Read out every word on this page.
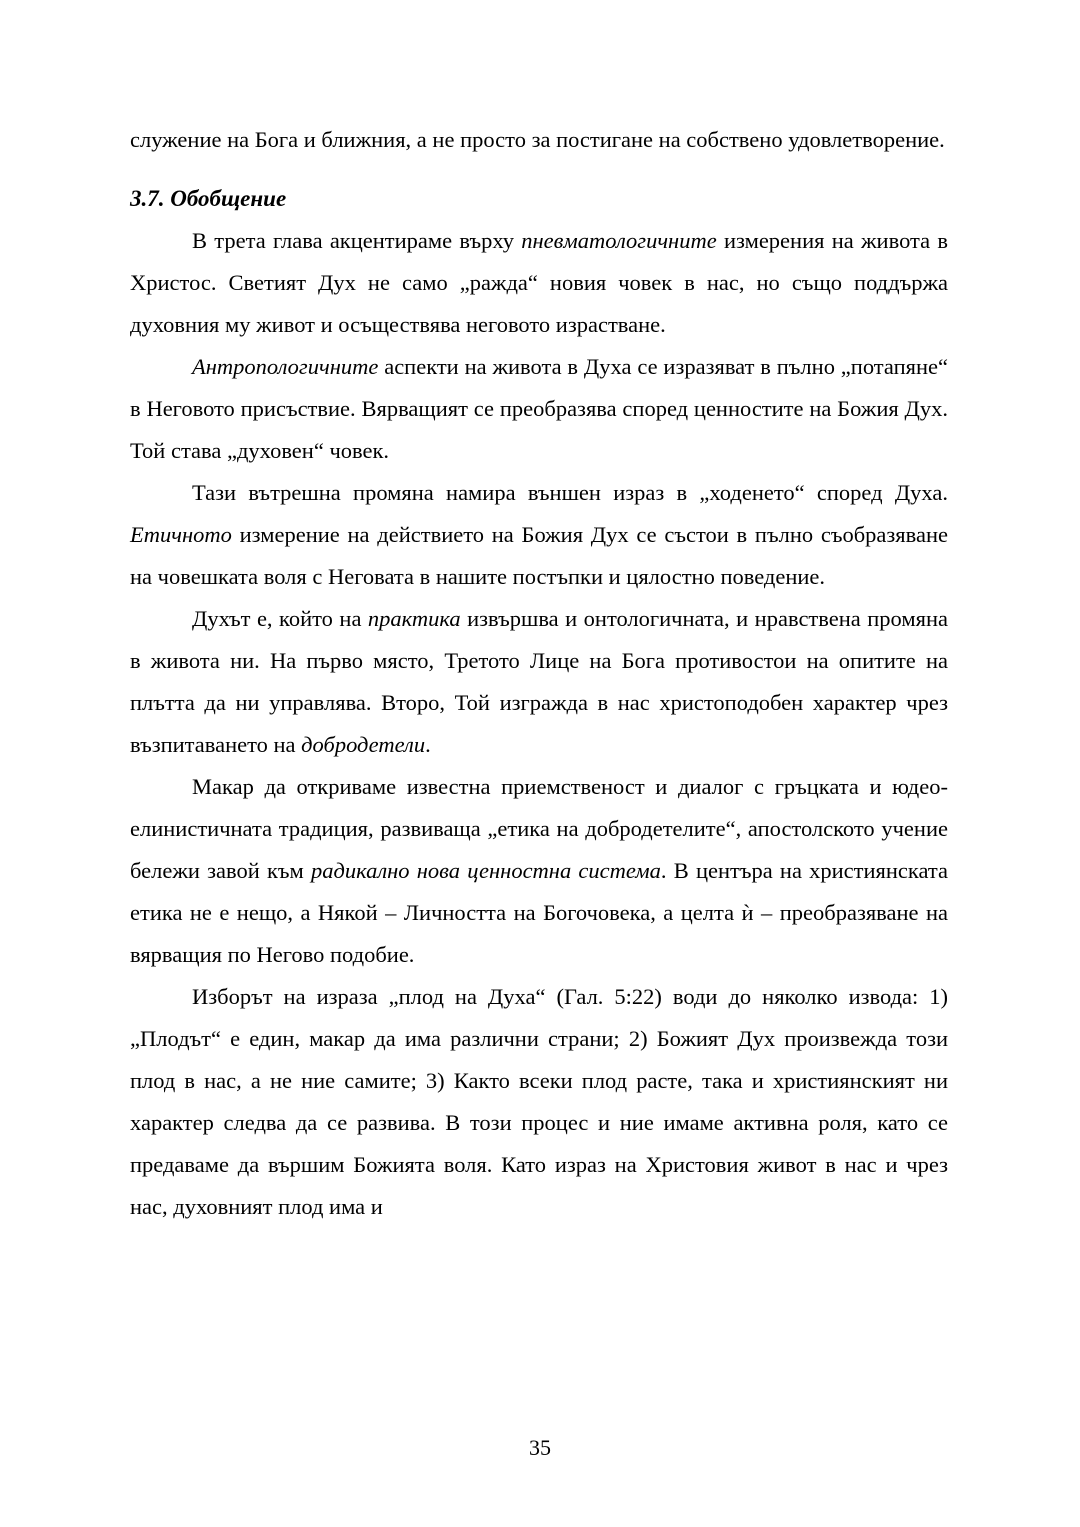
служение на Бога и ближния, а не просто за постигане на собствено удовлетворение.

3.7. Обобщение

В трета глава акцентираме върху пневматологичните измерения на живота в Христос. Светият Дух не само „ражда“ новия човек в нас, но също поддържа духовния му живот и осъществява неговото израстване.

Антропологичните аспекти на живота в Духа се изразяват в пълно „потапяне“ в Неговото присъствие. Вярващият се преобразява според ценностите на Божия Дух. Той става „духовен“ човек.

Тази вътрешна промяна намира външен израз в „ходенето“ според Духа. Етичното измерение на действието на Божия Дух се състои в пълно съобразяване на човешката воля с Неговата в нашите постъпки и цялостно поведение.

Духът е, който на практика извършва и онтологичната, и нравствена промяна в живота ни. На първо място, Третото Лице на Бога противостои на опитите на плътта да ни управлява. Второ, Той изгражда в нас христоподобен характер чрез възпитаването на добродетели.

Макар да откриваме известна приемственост и диалог с гръцката и юдео-елинистичната традиция, развиваща „етика на добродетелите“, апостолското учение бележи завой към радикално нова ценностна система. В центъра на християнската етика не е нещо, а Някой – Личността на Богочовека, а целта ѝ – преобразяване на вярващия по Негово подобие.

Изборът на израза „плод на Духа“ (Гал. 5:22) води до няколко извода: 1) „Плодът“ е един, макар да има различни страни; 2) Божият Дух произвежда този плод в нас, а не ние самите; 3) Както всеки плод расте, така и християнският ни характер следва да се развива. В този процес и ние имаме активна роля, като се предаваме да вършим Божията воля. Като израз на Христовия живот в нас и чрез нас, духовният плод има и

35
